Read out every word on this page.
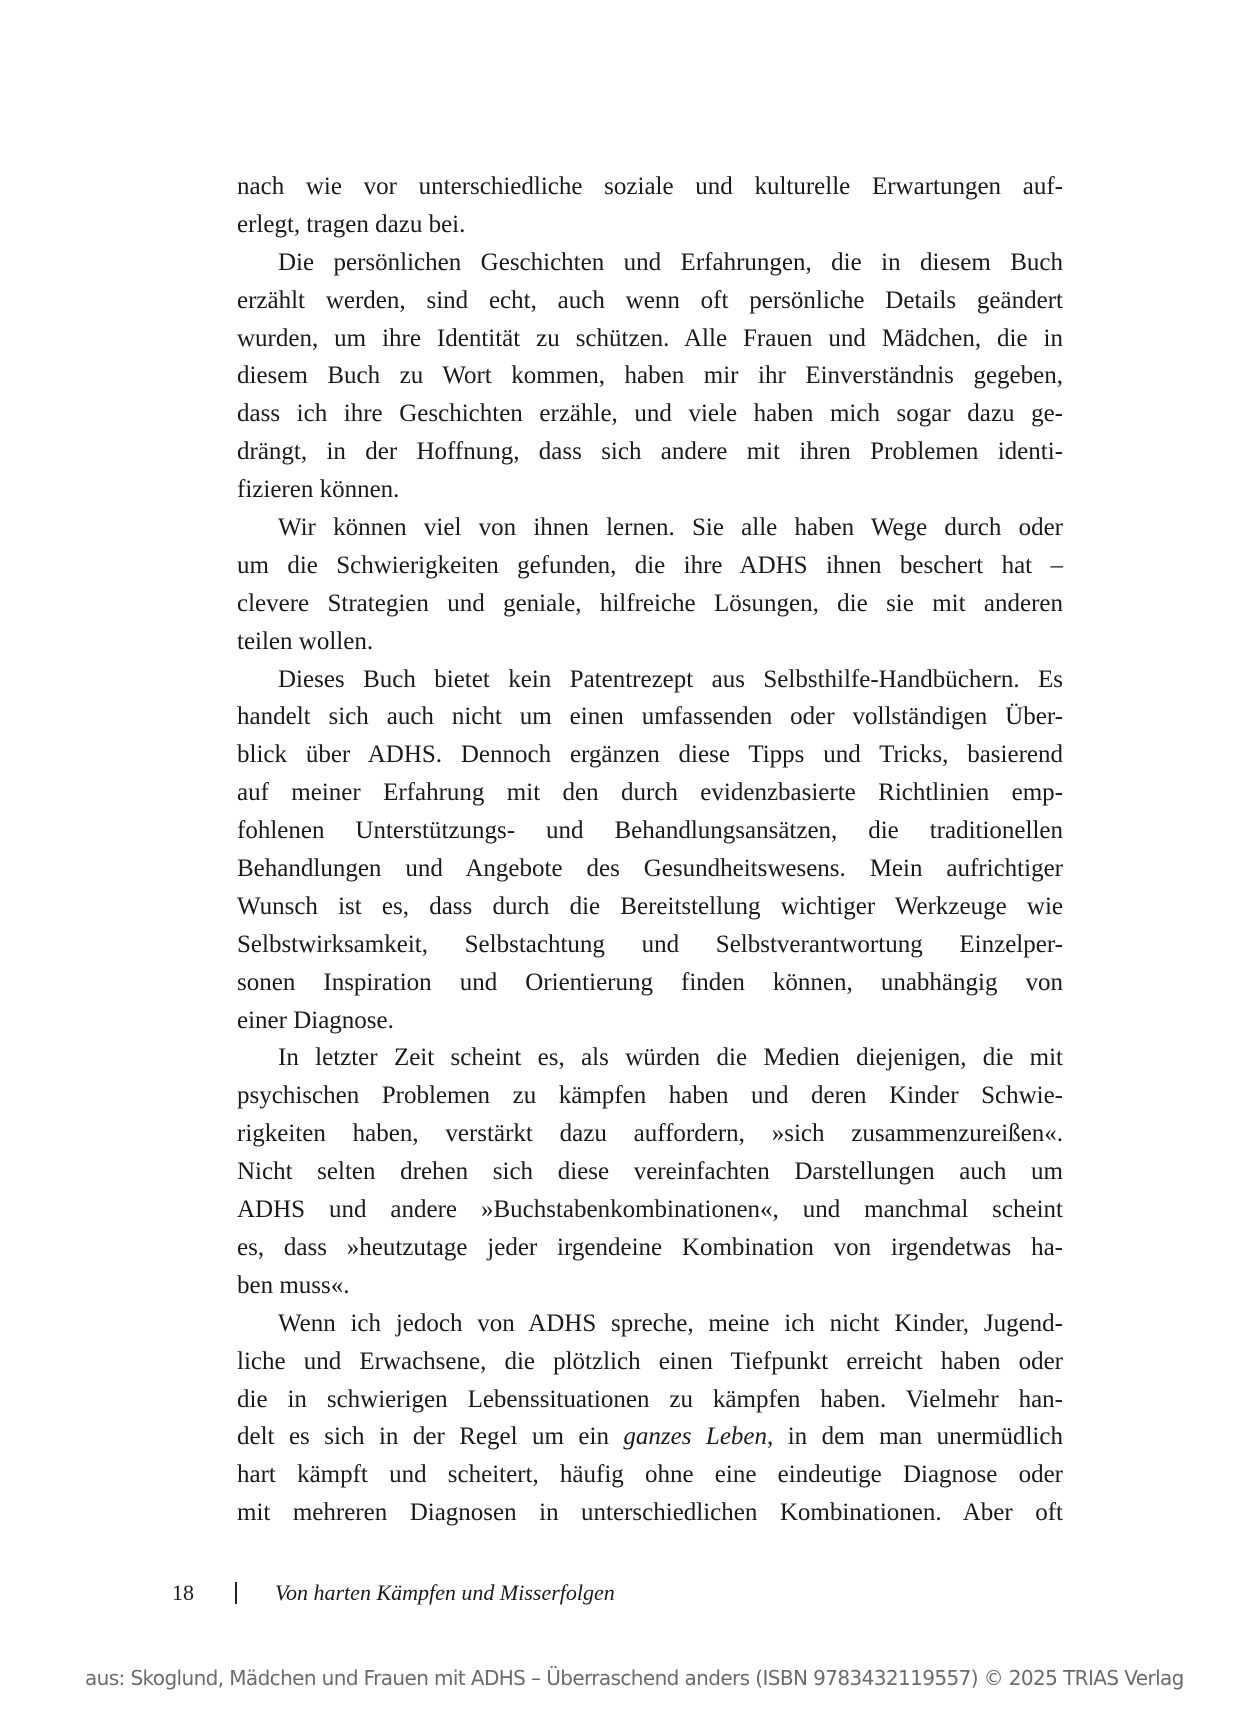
nach wie vor unterschiedliche soziale und kulturelle Erwartungen auf-
erlegt, tragen dazu bei.
Die persönlichen Geschichten und Erfahrungen, die in diesem Buch
erzählt werden, sind echt, auch wenn oft persönliche Details geändert
wurden, um ihre Identität zu schützen. Alle Frauen und Mädchen, die in
diesem Buch zu Wort kommen, haben mir ihr Einverständnis gegeben,
dass ich ihre Geschichten erzähle, und viele haben mich sogar dazu ge-
drängt, in der Hoffnung, dass sich andere mit ihren Problemen identi-
fizieren können.
Wir können viel von ihnen lernen. Sie alle haben Wege durch oder
um die Schwierigkeiten gefunden, die ihre ADHS ihnen beschert hat –
clevere Strategien und geniale, hilfreiche Lösungen, die sie mit anderen
teilen wollen.
Dieses Buch bietet kein Patentrezept aus Selbsthilfe-Handbüchern. Es
handelt sich auch nicht um einen umfassenden oder vollständigen Über-
blick über ADHS. Dennoch ergänzen diese Tipps und Tricks, basierend
auf meiner Erfahrung mit den durch evidenzbasierte Richtlinien emp-
fohlenen Unterstützungs- und Behandlungsansätzen, die traditionellen
Behandlungen und Angebote des Gesundheitswesens. Mein aufrichtiger
Wunsch ist es, dass durch die Bereitstellung wichtiger Werkzeuge wie
Selbstwirksamkeit, Selbstachtung und Selbstverantwortung Einzelper-
sonen Inspiration und Orientierung finden können, unabhängig von
einer Diagnose.
In letzter Zeit scheint es, als würden die Medien diejenigen, die mit
psychischen Problemen zu kämpfen haben und deren Kinder Schwie-
rigkeiten haben, verstärkt dazu auffordern, »sich zusammenzureißen«.
Nicht selten drehen sich diese vereinfachten Darstellungen auch um
ADHS und andere »Buchstabenkombinationen«, und manchmal scheint
es, dass »heutzutage jeder irgendeine Kombination von irgendetwas ha-
ben muss«.
Wenn ich jedoch von ADHS spreche, meine ich nicht Kinder, Jugend-
liche und Erwachsene, die plötzlich einen Tiefpunkt erreicht haben oder
die in schwierigen Lebenssituationen zu kämpfen haben. Vielmehr han-
delt es sich in der Regel um ein ganzes Leben, in dem man unermüdlich
hart kämpft und scheitert, häufig ohne eine eindeutige Diagnose oder
mit mehreren Diagnosen in unterschiedlichen Kombinationen. Aber oft
18	Von harten Kämpfen und Misserfolgen
aus: Skoglund, Mädchen und Frauen mit ADHS – Überraschend anders (ISBN 9783432119557) © 2025 TRIAS Verlag
